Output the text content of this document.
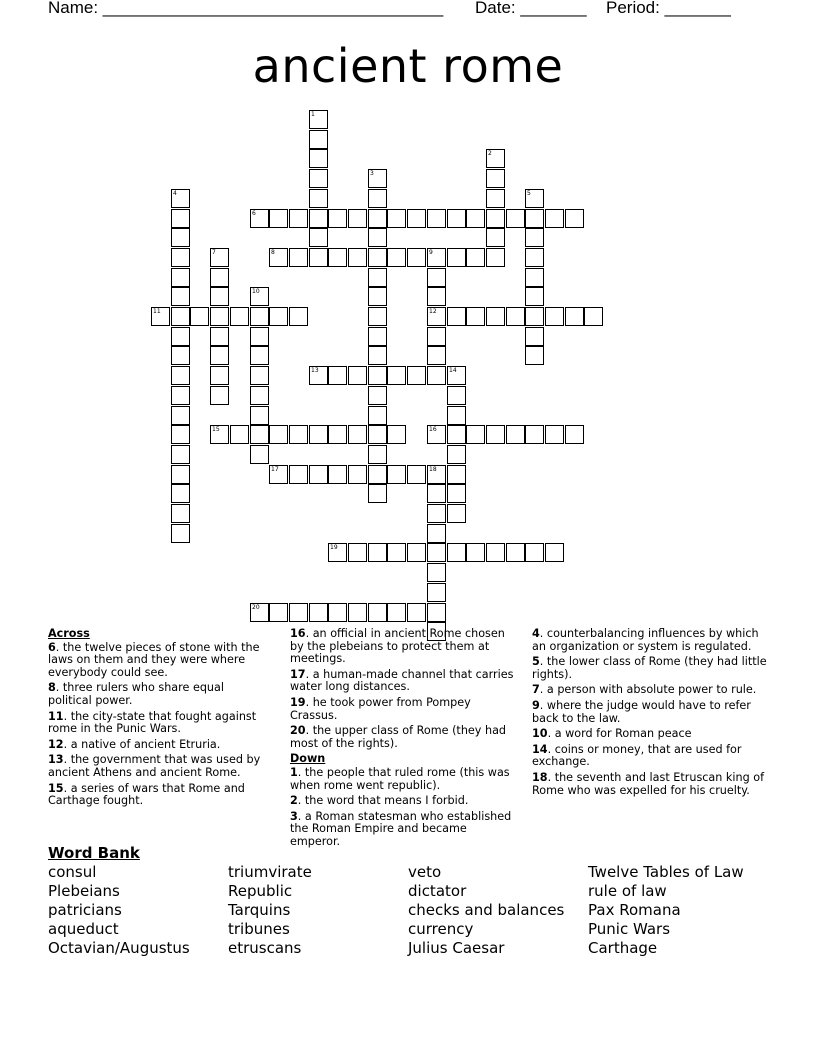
Name: ____________________________________ Date: _______ Period: _______
ancient rome
1
2
3
4	5
6
7	8	9
12
10
11
13	14
15	16
17	18
19
20
Across
6. the twelve pieces of stone with the laws on them and they were where everybody could see.
8. three rulers who share equal political power.
11. the city-state that fought against rome in the Punic Wars.
12. a native of ancient Etruria.
13. the government that was used by ancient Athens and ancient Rome.
15. a series of wars that Rome and Carthage fought.
16. an official in ancient Rome chosen by the plebeians to protect them at meetings.
17. a human-made channel that carries water long distances.
19. he took power from Pompey Crassus.
20. the upper class of Rome (they had most of the rights).
Down
1. the people that ruled rome (this was when rome went republic).
2. the word that means I forbid.
3. a Roman statesman who established the Roman Empire and became emperor.
4. counterbalancing influences by which an organization or system is regulated.
5. the lower class of Rome (they had little rights).
7. a person with absolute power to rule.
9. where the judge would have to refer back to the law.
10. a word for Roman peace
14. coins or money, that are used for exchange.
18. the seventh and last Etruscan king of Rome who was expelled for his cruelty.
Word Bank
consul
Plebeians
patricians
aqueduct
Octavian/Augustus
triumvirate
Republic
Tarquins
tribunes
etruscans
veto
dictator
checks and balances
currency
Julius Caesar
Twelve Tables of Law
rule of law
Pax Romana
Punic Wars
Carthage
